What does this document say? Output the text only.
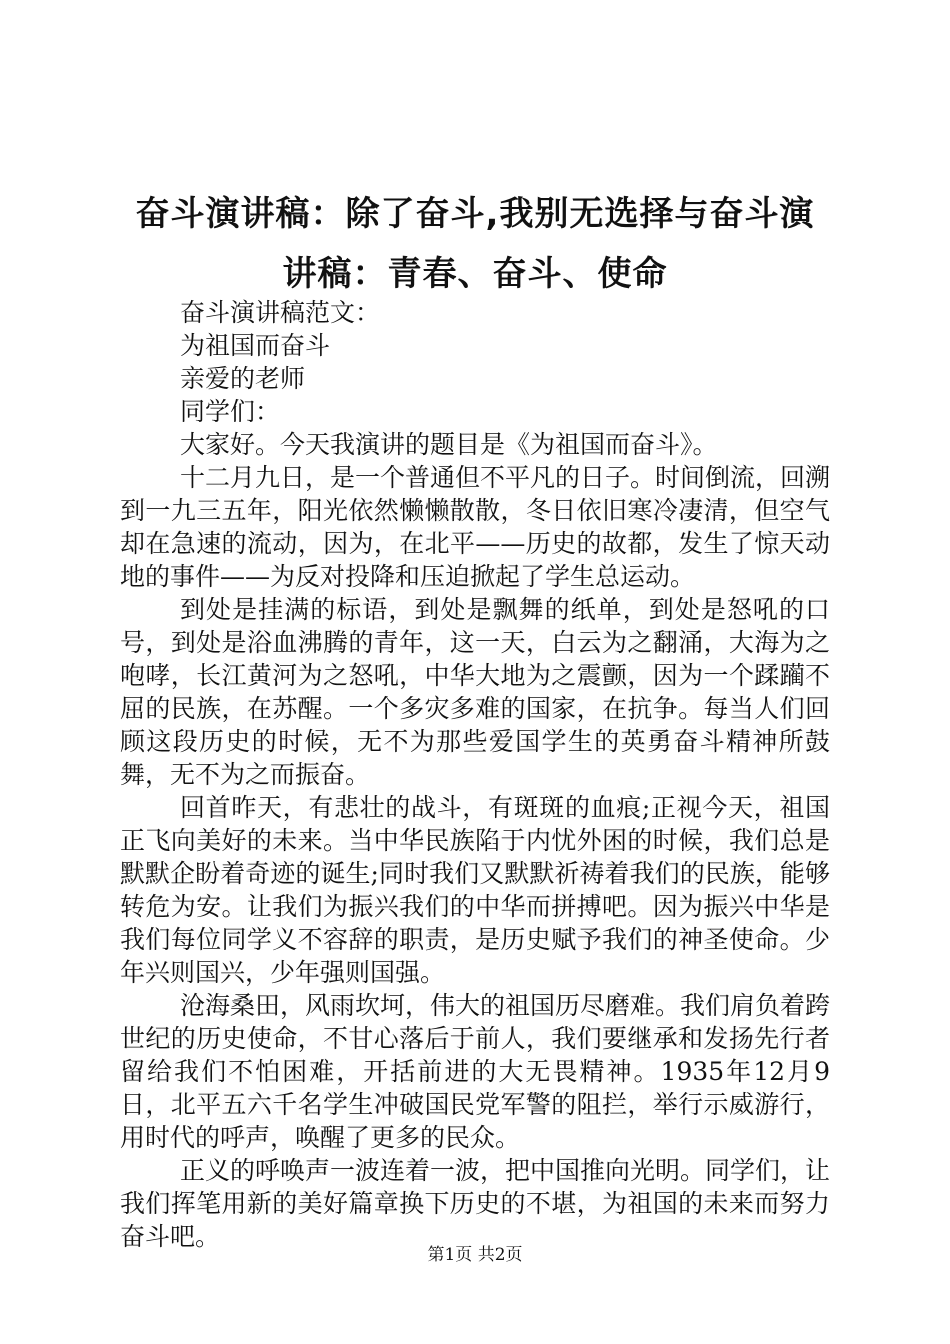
奋斗演讲稿：除了奋斗,我别无选择与奋斗演
讲稿：青春、奋斗、使命

奋斗演讲稿范文：

为祖国而奋斗

亲爱的老师

同学们：

大家好。今天我演讲的题目是《为祖国而奋斗》。

十二月九日，是一个普通但不平凡的日子。时间倒流，回溯到一九三五年，阳光依然懒懒散散，冬日依旧寒冷凄清，但空气却在急速的流动，因为，在北平——历史的故都，发生了惊天动地的事件——为反对投降和压迫掀起了学生总运动。

到处是挂满的标语，到处是飘舞的纸单，到处是怒吼的口号，到处是浴血沸腾的青年，这一天，白云为之翻涌，大海为之咆哮，长江黄河为之怒吼，中华大地为之震颤，因为一个蹂躏不屈的民族，在苏醒。一个多灾多难的国家，在抗争。每当人们回顾这段历史的时候，无不为那些爱国学生的英勇奋斗精神所鼓舞，无不为之而振奋。

回首昨天，有悲壮的战斗，有斑斑的血痕;正视今天，祖国正飞向美好的未来。当中华民族陷于内忧外困的时候，我们总是默默企盼着奇迹的诞生;同时我们又默默祈祷着我们的民族，能够转危为安。让我们为振兴我们的中华而拼搏吧。因为振兴中华是我们每位同学义不容辞的职责，是历史赋予我们的神圣使命。少年兴则国兴，少年强则国强。

沧海桑田，风雨坎坷，伟大的祖国历尽磨难。我们肩负着跨世纪的历史使命，不甘心落后于前人，我们要继承和发扬先行者留给我们不怕困难，开括前进的大无畏精神。1935年12月9日，北平五六千名学生冲破国民党军警的阻拦，举行示威游行，用时代的呼声，唤醒了更多的民众。

正义的呼唤声一波连着一波，把中国推向光明。同学们，让我们挥笔用新的美好篇章换下历史的不堪，为祖国的未来而努力奋斗吧。

第1页 共2页
